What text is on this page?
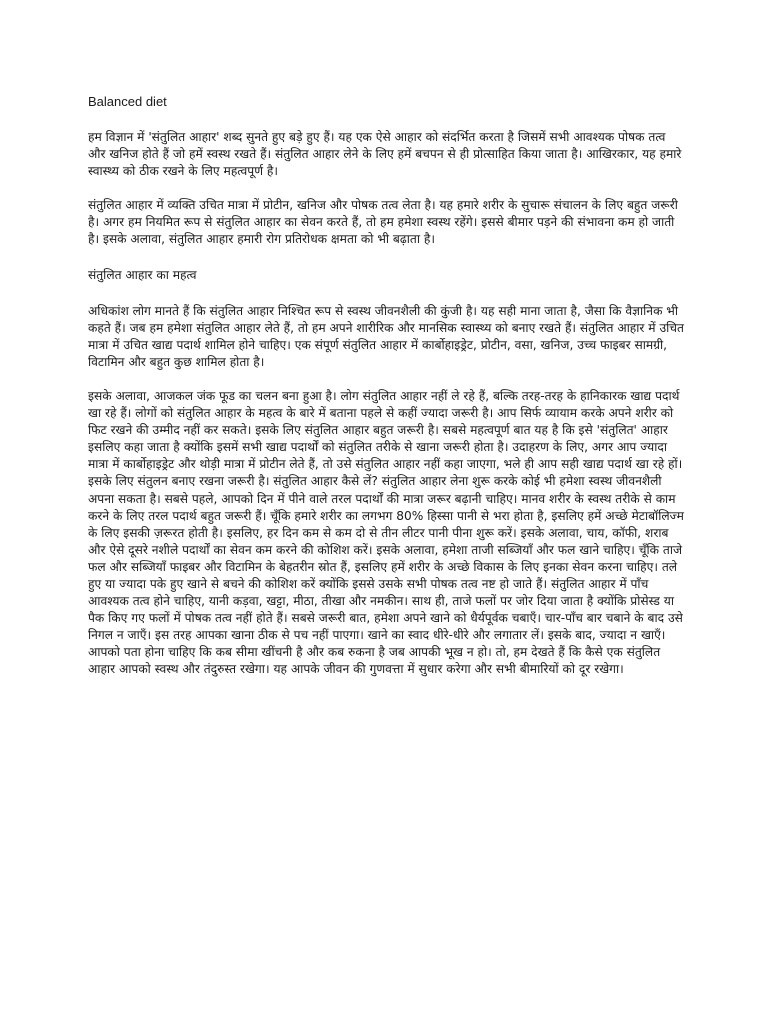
Balanced diet

हम विज्ञान में 'संतुलित आहार' शब्द सुनते हुए बड़े हुए हैं। यह एक ऐसे आहार को संदर्भित करता है जिसमें सभी आवश्यक पोषक तत्व और खनिज होते हैं जो हमें स्वस्थ रखते हैं। संतुलित आहार लेने के लिए हमें बचपन से ही प्रोत्साहित किया जाता है। आखिरकार, यह हमारे स्वास्थ्य को ठीक रखने के लिए महत्वपूर्ण है।

संतुलित आहार में व्यक्ति उचित मात्रा में प्रोटीन, खनिज और पोषक तत्व लेता है। यह हमारे शरीर के सुचारू संचालन के लिए बहुत जरूरी है। अगर हम नियमित रूप से संतुलित आहार का सेवन करते हैं, तो हम हमेशा स्वस्थ रहेंगे। इससे बीमार पड़ने की संभावना कम हो जाती है। इसके अलावा, संतुलित आहार हमारी रोग प्रतिरोधक क्षमता को भी बढ़ाता है।

संतुलित आहार का महत्व

अधिकांश लोग मानते हैं कि संतुलित आहार निश्चित रूप से स्वस्थ जीवनशैली की कुंजी है। यह सही माना जाता है, जैसा कि वैज्ञानिक भी कहते हैं। जब हम हमेशा संतुलित आहार लेते हैं, तो हम अपने शारीरिक और मानसिक स्वास्थ्य को बनाए रखते हैं। संतुलित आहार में उचित मात्रा में उचित खाद्य पदार्थ शामिल होने चाहिए। एक संपूर्ण संतुलित आहार में कार्बोहाइड्रेट, प्रोटीन, वसा, खनिज, उच्च फाइबर सामग्री, विटामिन और बहुत कुछ शामिल होता है।

इसके अलावा, आजकल जंक फूड का चलन बना हुआ है। लोग संतुलित आहार नहीं ले रहे हैं, बल्कि तरह-तरह के हानिकारक खाद्य पदार्थ खा रहे हैं। लोगों को संतुलित आहार के महत्व के बारे में बताना पहले से कहीं ज्यादा जरूरी है। आप सिर्फ व्यायाम करके अपने शरीर को फिट रखने की उम्मीद नहीं कर सकते। इसके लिए संतुलित आहार बहुत जरूरी है। सबसे महत्वपूर्ण बात यह है कि इसे 'संतुलित' आहार इसलिए कहा जाता है क्योंकि इसमें सभी खाद्य पदार्थों को संतुलित तरीके से खाना जरूरी होता है। उदाहरण के लिए, अगर आप ज्यादा मात्रा में कार्बोहाइड्रेट और थोड़ी मात्रा में प्रोटीन लेते हैं, तो उसे संतुलित आहार नहीं कहा जाएगा, भले ही आप सही खाद्य पदार्थ खा रहे हों। इसके लिए संतुलन बनाए रखना जरूरी है। संतुलित आहार कैसे लें? संतुलित आहार लेना शुरू करके कोई भी हमेशा स्वस्थ जीवनशैली अपना सकता है। सबसे पहले, आपको दिन में पीने वाले तरल पदार्थों की मात्रा जरूर बढ़ानी चाहिए। मानव शरीर के स्वस्थ तरीके से काम करने के लिए तरल पदार्थ बहुत जरूरी हैं। चूँकि हमारे शरीर का लगभग 80% हिस्सा पानी से भरा होता है, इसलिए हमें अच्छे मेटाबॉलिज्म के लिए इसकी ज़रूरत होती है। इसलिए, हर दिन कम से कम दो से तीन लीटर पानी पीना शुरू करें। इसके अलावा, चाय, कॉफी, शराब और ऐसे दूसरे नशीले पदार्थों का सेवन कम करने की कोशिश करें। इसके अलावा, हमेशा ताजी सब्जियाँ और फल खाने चाहिए। चूँकि ताजे फल और सब्जियाँ फाइबर और विटामिन के बेहतरीन स्रोत हैं, इसलिए हमें शरीर के अच्छे विकास के लिए इनका सेवन करना चाहिए। तले हुए या ज्यादा पके हुए खाने से बचने की कोशिश करें क्योंकि इससे उसके सभी पोषक तत्व नष्ट हो जाते हैं। संतुलित आहार में पाँच आवश्यक तत्व होने चाहिए, यानी कड़वा, खट्टा, मीठा, तीखा और नमकीन। साथ ही, ताजे फलों पर जोर दिया जाता है क्योंकि प्रोसेस्ड या पैक किए गए फलों में पोषक तत्व नहीं होते हैं। सबसे जरूरी बात, हमेशा अपने खाने को धैर्यपूर्वक चबाएँ। चार-पाँच बार चबाने के बाद उसे निगल न जाएँ। इस तरह आपका खाना ठीक से पच नहीं पाएगा। खाने का स्वाद धीरे-धीरे और लगातार लें। इसके बाद, ज्यादा न खाएँ। आपको पता होना चाहिए कि कब सीमा खींचनी है और कब रुकना है जब आपकी भूख न हो। तो, हम देखते हैं कि कैसे एक संतुलित आहार आपको स्वस्थ और तंदुरुस्त रखेगा। यह आपके जीवन की गुणवत्ता में सुधार करेगा और सभी बीमारियों को दूर रखेगा।
